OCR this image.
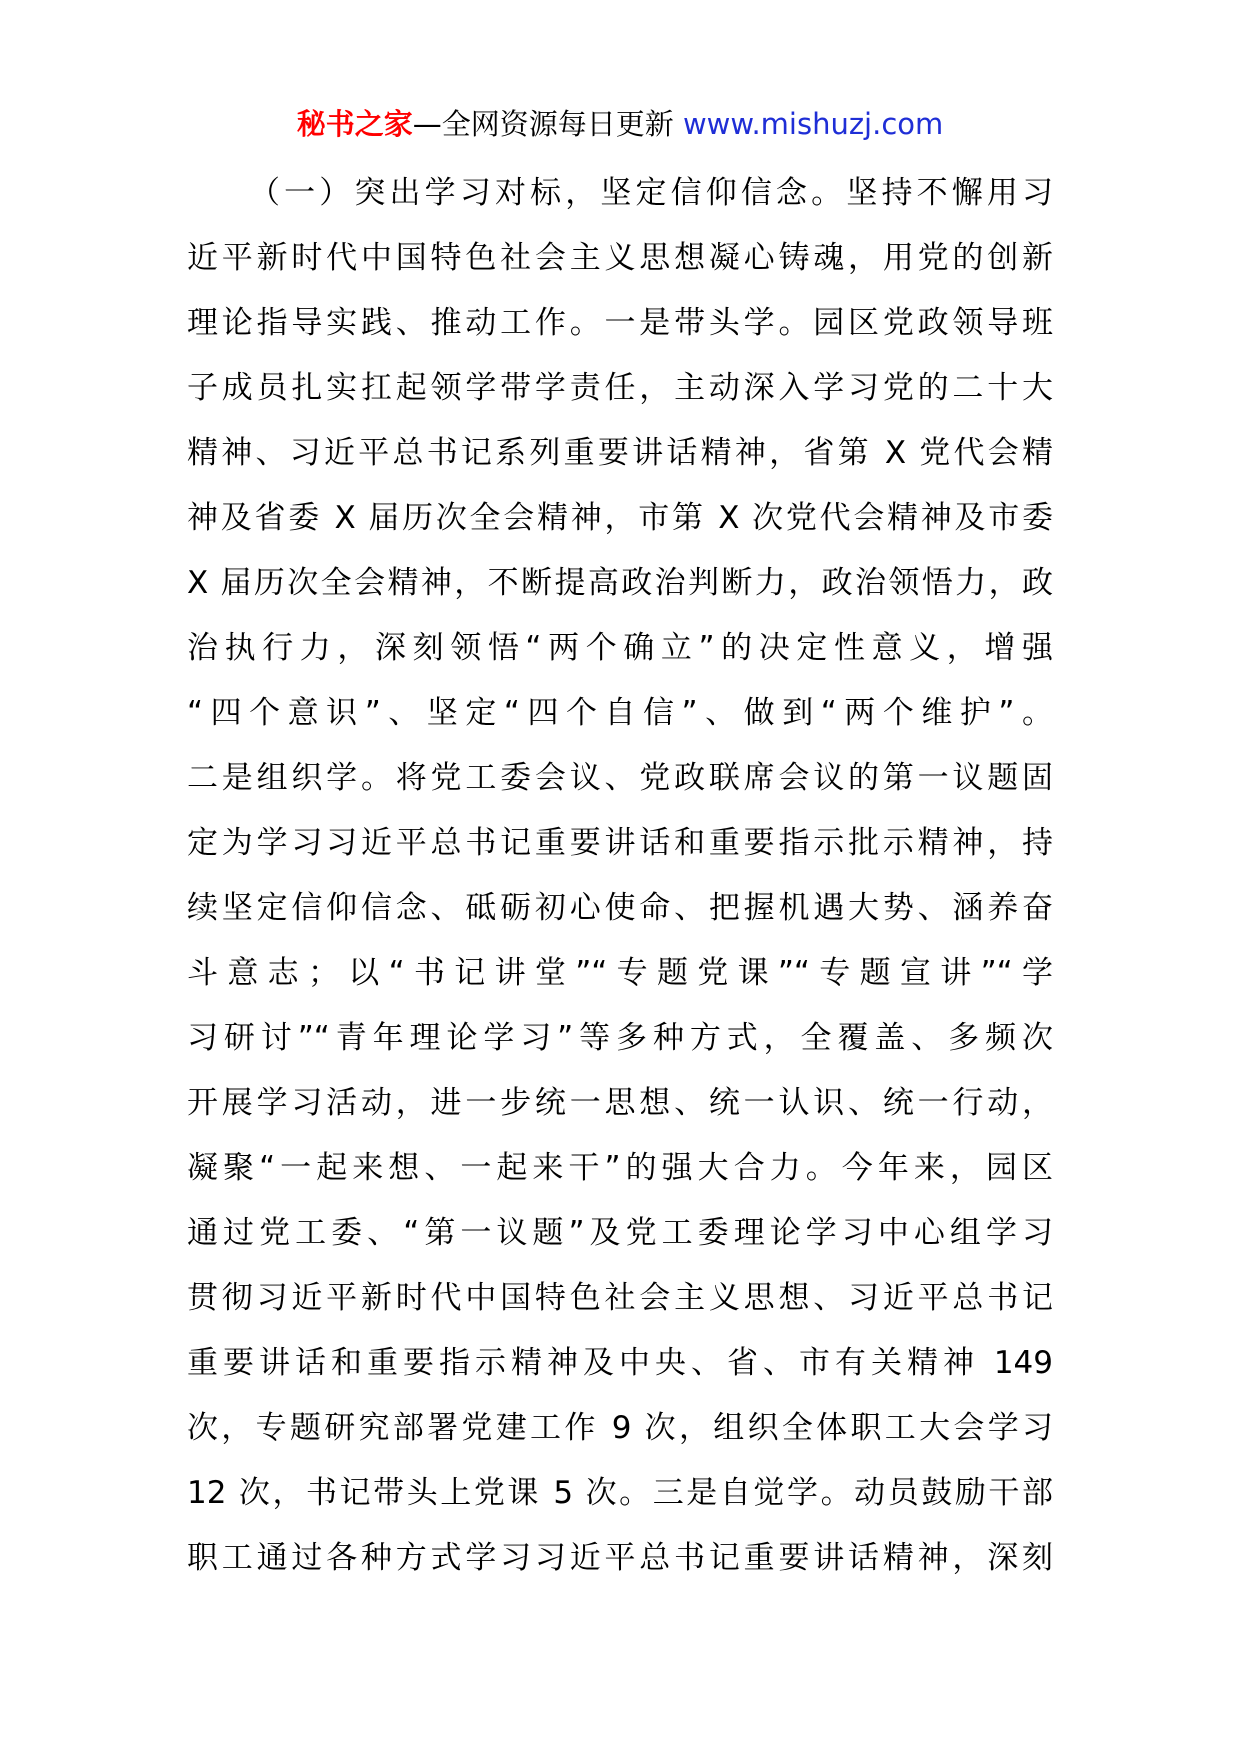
秘书之家—全网资源每日更新 www.mishuzj.com
（一）突出学习对标，坚定信仰信念。坚持不懈用习
近平新时代中国特色社会主义思想凝心铸魂，用党的创新
理论指导实践、推动工作。一是带头学。园区党政领导班
子成员扎实扛起领学带学责任，主动深入学习党的二十大
精神、习近平总书记系列重要讲话精神，省第 X 党代会精
神及省委 X 届历次全会精神，市第 X 次党代会精神及市委
X 届历次全会精神，不断提高政治判断力，政治领悟力，政
治执行力，深刻领悟“两个确立”的决定性意义，增强
“四个意识”、坚定“四个自信”、做到“两个维护”。
二是组织学。将党工委会议、党政联席会议的第一议题固
定为学习习近平总书记重要讲话和重要指示批示精神，持
续坚定信仰信念、砥砺初心使命、把握机遇大势、涵养奋
斗意志；以“书记讲堂”“专题党课”“专题宣讲”“学
习研讨”“青年理论学习”等多种方式，全覆盖、多频次
开展学习活动，进一步统一思想、统一认识、统一行动，
凝聚“一起来想、一起来干”的强大合力。今年来，园区
通过党工委、“第一议题”及党工委理论学习中心组学习
贯彻习近平新时代中国特色社会主义思想、习近平总书记
重要讲话和重要指示精神及中央、省、市有关精神 149
次，专题研究部署党建工作 9 次，组织全体职工大会学习
12 次，书记带头上党课 5 次。三是自觉学。动员鼓励干部
职工通过各种方式学习习近平总书记重要讲话精神，深刻
